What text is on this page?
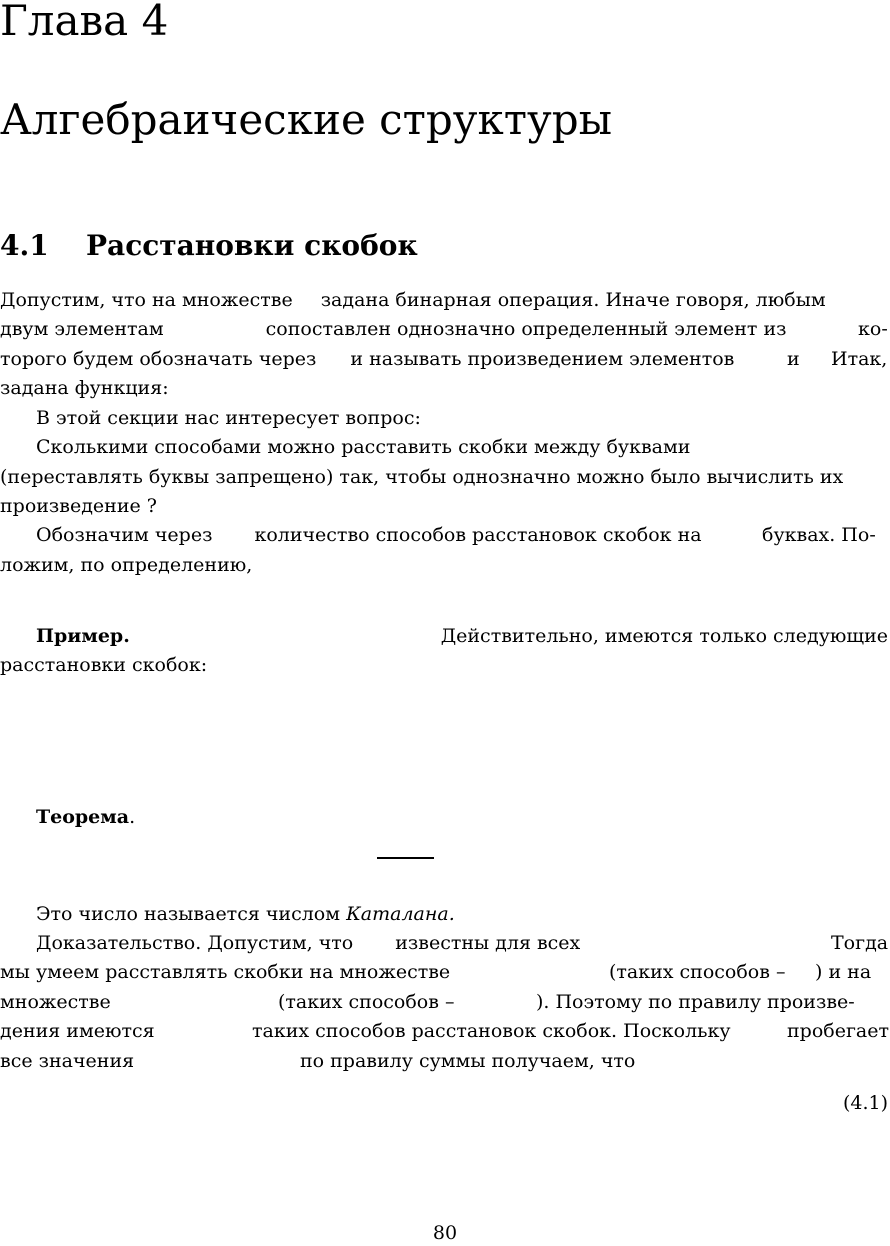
Глава 4
Алгебраические структуры
4.1 Расстановки скобок
Допустим, что на множестве задана бинарная операция. Иначе говоря, любым
двум элементам	сопоставлен однозначно определенный элемент из	ко-
торого будем обозначать через и называть произведением элементов	и Итак,
задана функция:
В этой секции нас интересует вопрос:
Сколькими способами можно расставить скобки между буквами
(переставлять буквы запрещено) так, чтобы однозначно можно было вычислить их
произведение ?
Обозначим через количество способов расстановок скобок на	буквах. По-
ложим, по определению,
Пример.	Действительно, имеются только следующие
расстановки скобок:
Теорема.
Это число называется числом Каталана.
Доказательство. Допустим, что известны для всех	Тогда
мы умеем расставлять скобки на множестве	(таких способов – ) и на
множестве	(таких способов –	). Поэтому по правилу произве-
дения имеются	таких способов расстановок скобок. Поскольку	пробегает
все значения	по правилу суммы получаем, что
(4.1)
80
